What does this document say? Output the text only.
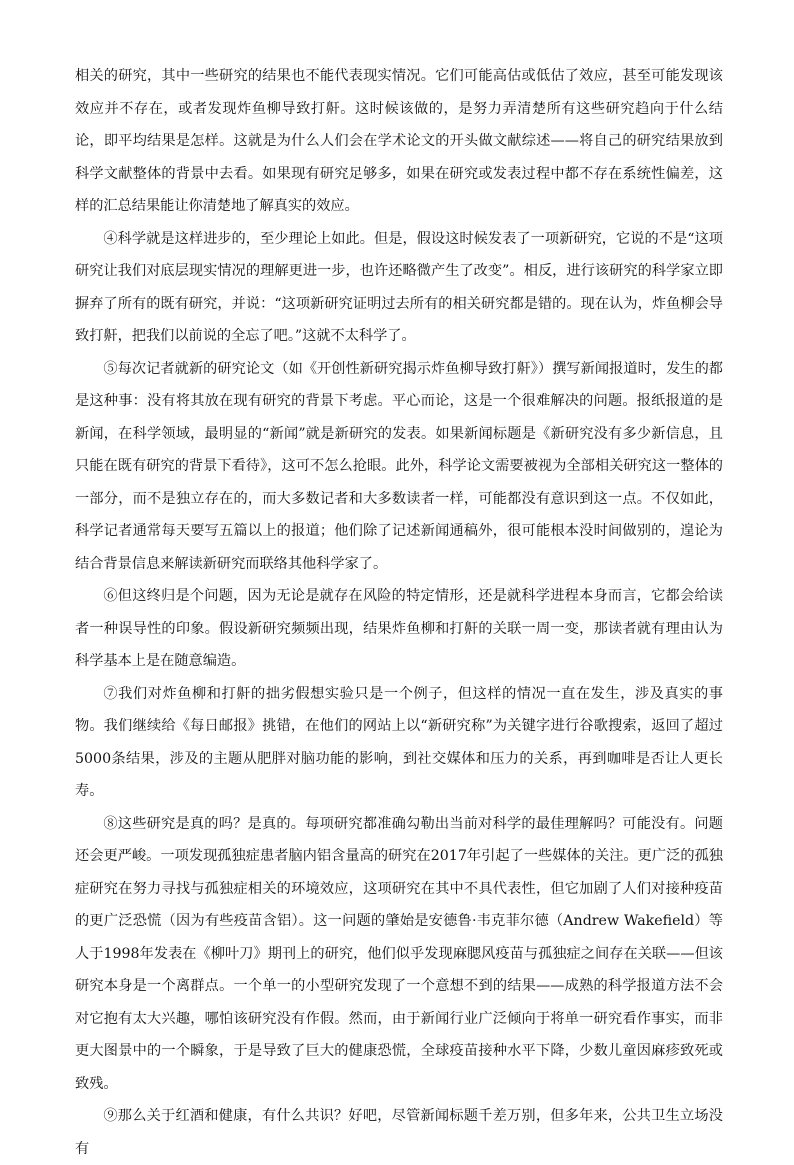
相关的研究，其中一些研究的结果也不能代表现实情况。它们可能高估或低估了效应，甚至可能发现该效应并不存在，或者发现炸鱼柳导致打鼾。这时候该做的，是努力弄清楚所有这些研究趋向于什么结论，即平均结果是怎样。这就是为什么人们会在学术论文的开头做文献综述——将自己的研究结果放到科学文献整体的背景中去看。如果现有研究足够多，如果在研究或发表过程中都不存在系统性偏差，这样的汇总结果能让你清楚地了解真实的效应。

④科学就是这样进步的，至少理论上如此。但是，假设这时候发表了一项新研究，它说的不是“这项研究让我们对底层现实情况的理解更进一步，也许还略微产生了改变”。相反，进行该研究的科学家立即摒弃了所有的既有研究，并说：“这项新研究证明过去所有的相关研究都是错的。现在认为，炸鱼柳会导致打鼾，把我们以前说的全忘了吧。”这就不太科学了。

⑤每次记者就新的研究论文（如《开创性新研究揭示炸鱼柳导致打鼾》）撰写新闻报道时，发生的都是这种事：没有将其放在现有研究的背景下考虑。平心而论，这是一个很难解决的问题。报纸报道的是新闻，在科学领域，最明显的“新闻”就是新研究的发表。如果新闻标题是《新研究没有多少新信息，且只能在既有研究的背景下看待》，这可不怎么抢眼。此外，科学论文需要被视为全部相关研究这一整体的一部分，而不是独立存在的，而大多数记者和大多数读者一样，可能都没有意识到这一点。不仅如此，科学记者通常每天要写五篇以上的报道；他们除了记述新闻通稿外，很可能根本没时间做别的，遑论为结合背景信息来解读新研究而联络其他科学家了。

⑥但这终归是个问题，因为无论是就存在风险的特定情形，还是就科学进程本身而言，它都会给读者一种误导性的印象。假设新研究频频出现，结果炸鱼柳和打鼾的关联一周一变，那读者就有理由认为科学基本上是在随意编造。

⑦我们对炸鱼柳和打鼾的拙劣假想实验只是一个例子，但这样的情况一直在发生，涉及真实的事物。我们继续给《每日邮报》挑错，在他们的网站上以“新研究称”为关键字进行谷歌搜索，返回了超过5000条结果，涉及的主题从肥胖对脑功能的影响，到社交媒体和压力的关系，再到咖啡是否让人更长寿。

⑧这些研究是真的吗？是真的。每项研究都准确勾勒出当前对科学的最佳理解吗？可能没有。问题还会更严峻。一项发现孤独症患者脑内铝含量高的研究在2017年引起了一些媒体的关注。更广泛的孤独症研究在努力寻找与孤独症相关的环境效应，这项研究在其中不具代表性，但它加剧了人们对接种疫苗的更广泛恐慌（因为有些疫苗含铝）。这一问题的肇始是安德鲁·韦克菲尔德（Andrew Wakefield）等人于1998年发表在《柳叶刀》期刊上的研究，他们似乎发现麻腮风疫苗与孤独症之间存在关联——但该研究本身是一个离群点。一个单一的小型研究发现了一个意想不到的结果——成熟的科学报道方法不会对它抱有太大兴趣，哪怕该研究没有作假。然而，由于新闻行业广泛倾向于将单一研究看作事实，而非更大图景中的一个瞬象，于是导致了巨大的健康恐慌，全球疫苗接种水平下降，少数儿童因麻疹致死或致残。

⑨那么关于红酒和健康，有什么共识？好吧，尽管新闻标题千差万别，但多年来，公共卫生立场没有
